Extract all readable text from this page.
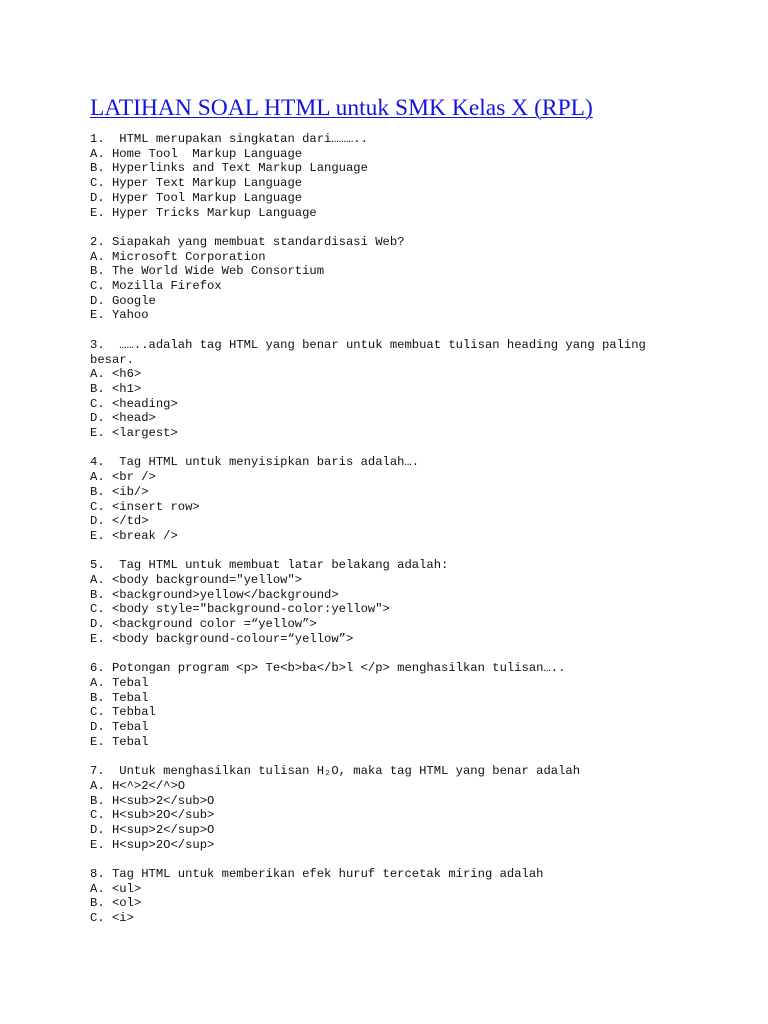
LATIHAN SOAL HTML untuk SMK Kelas X (RPL)
1.  HTML merupakan singkatan dari………..
A. Home Tool  Markup Language
B. Hyperlinks and Text Markup Language
C. Hyper Text Markup Language
D. Hyper Tool Markup Language
E. Hyper Tricks Markup Language
2. Siapakah yang membuat standardisasi Web?
A. Microsoft Corporation
B. The World Wide Web Consortium
C. Mozilla Firefox
D. Google
E. Yahoo
3.  ……..adalah tag HTML yang benar untuk membuat tulisan heading yang paling besar.
A. <h6>
B. <h1>
C. <heading>
D. <head>
E. <largest>
4.  Tag HTML untuk menyisipkan baris adalah….
A. <br />
B. <ib/>
C. <insert row>
D. </td>
E. <break />
5.  Tag HTML untuk membuat latar belakang adalah:
A. <body background="yellow">
B. <background>yellow</background>
C. <body style="background-color:yellow">
D. <background color =“yellow”>
E. <body background-colour=“yellow”>
6. Potongan program <p> Te<b>ba</b>l </p> menghasilkan tulisan…..
A. Tebal
B. Tebal
C. Tebbal
D. Tebal
E. Tebal
7.  Untuk menghasilkan tulisan H₂O, maka tag HTML yang benar adalah
A. H<^>2</^>O
B. H<sub>2</sub>O
C. H<sub>2O</sub>
D. H<sup>2</sup>O
E. H<sup>2O</sup>
8. Tag HTML untuk memberikan efek huruf tercetak miring adalah
A. <ul>
B. <ol>
C. <i>
